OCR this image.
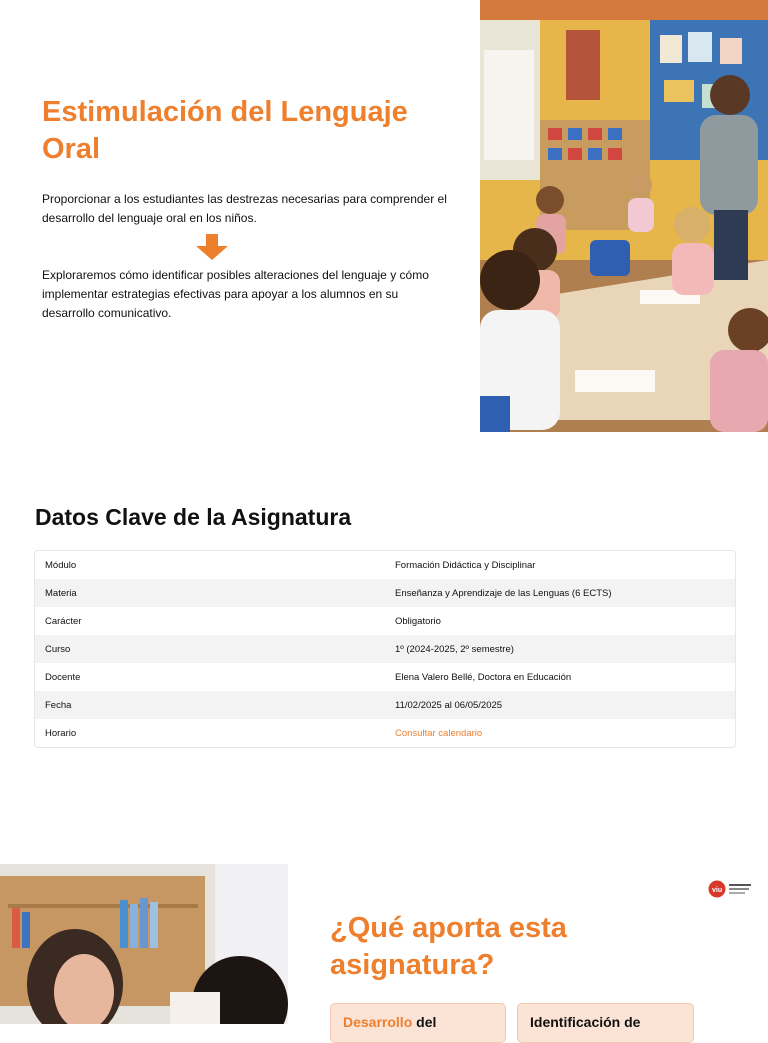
Estimulación del Lenguaje Oral

Proporcionar a los estudiantes las destrezas necesarias para comprender el desarrollo del lenguaje oral en los niños.

Exploraremos cómo identificar posibles alteraciones del lenguaje y cómo implementar estrategias efectivas para apoyar a los alumnos en su desarrollo comunicativo.

Datos Clave de la Asignatura
Módulo	Formación Didáctica y Disciplinar
Materia	Enseñanza y Aprendizaje de las Lenguas (6 ECTS)
Carácter	Obligatorio
Curso	1º (2024-2025, 2º semestre)
Docente	Elena Valero Bellé, Doctora en Educación
Fecha	11/02/2025 al 06/05/2025
Horario	Consultar calendario
viu
¿Qué aporta esta asignatura?
Desarrollo del	Identificación de
